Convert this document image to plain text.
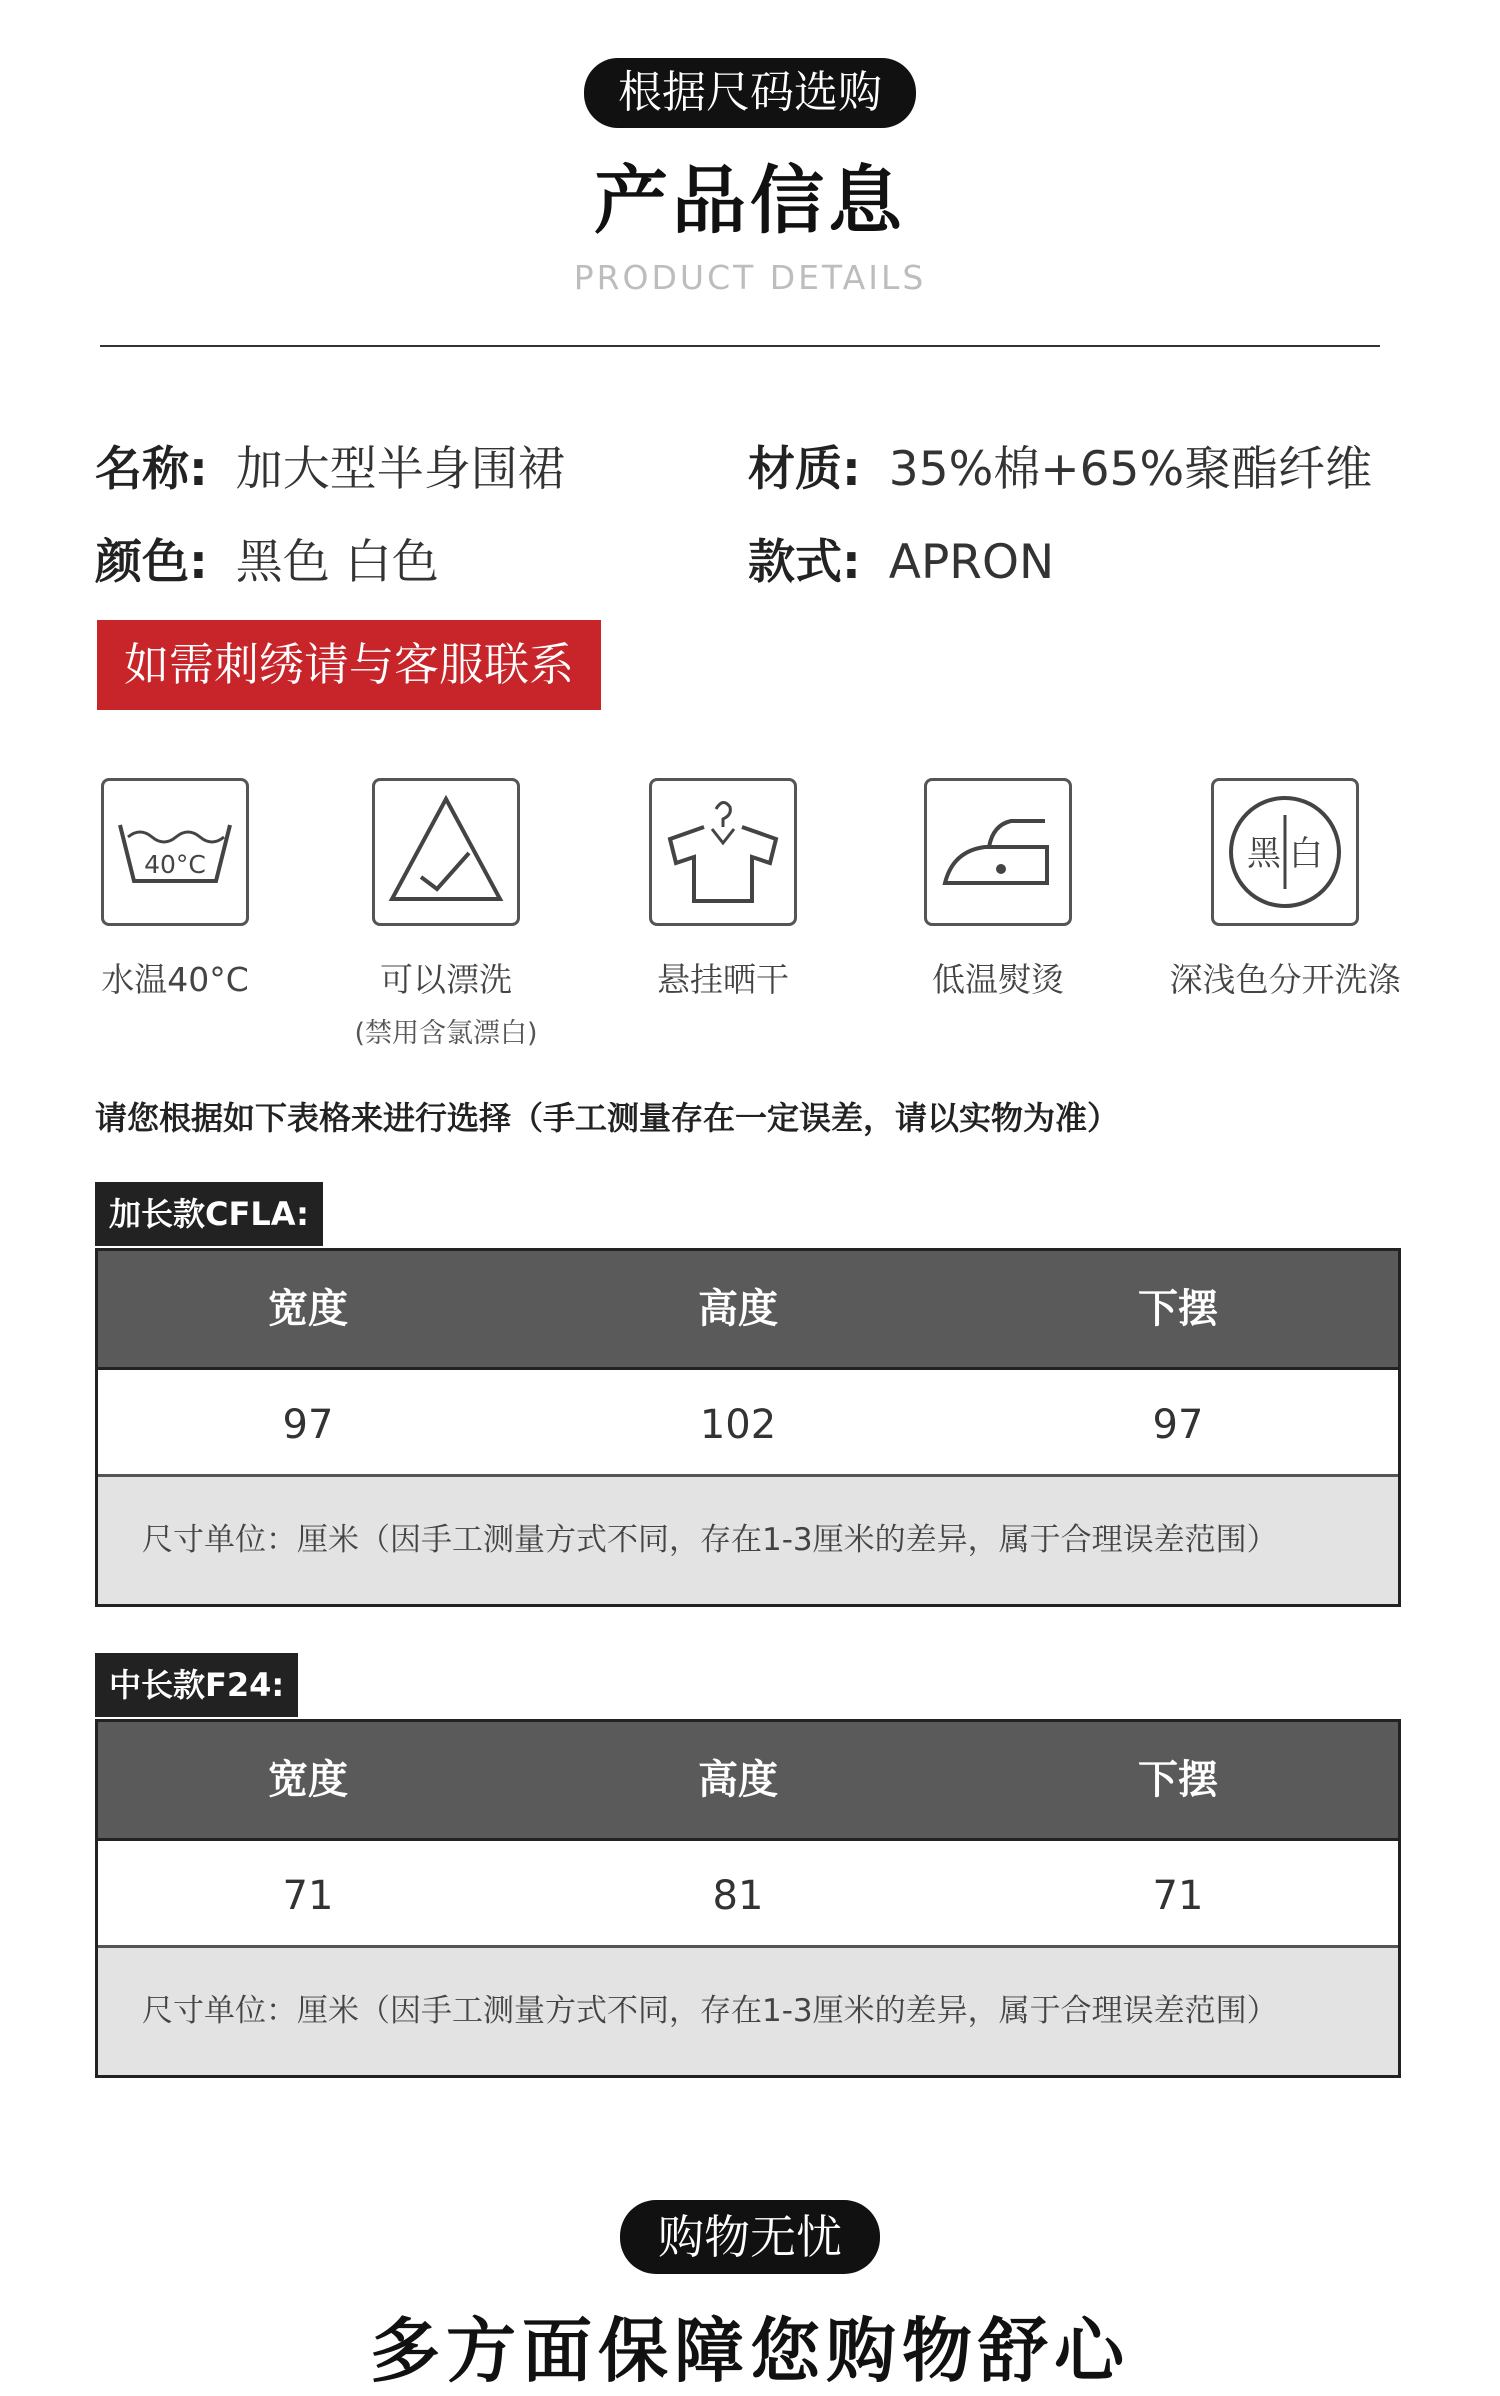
根据尺码选购
产品信息
PRODUCT DETAILS
名称: 加大型半身围裙	材质: 35%棉+65%聚酯纤维
颜色: 黑色 白色	款式: APRON
如需刺绣请与客服联系
40°C
水温40°C	可以漂洗
(禁用含氯漂白)
悬挂晒干	低温熨烫
黑 白
深浅色分开洗涤
请您根据如下表格来进行选择（手工测量存在一定误差，请以实物为准）
加长款CFLA:
宽度	高度	下摆
97	102	97
尺寸单位：厘米（因手工测量方式不同，存在1-3厘米的差异，属于合理误差范围）
中长款F24:
宽度	高度	下摆
71	81	71
尺寸单位：厘米（因手工测量方式不同，存在1-3厘米的差异，属于合理误差范围）
购物无忧
多方面保障您购物舒心
